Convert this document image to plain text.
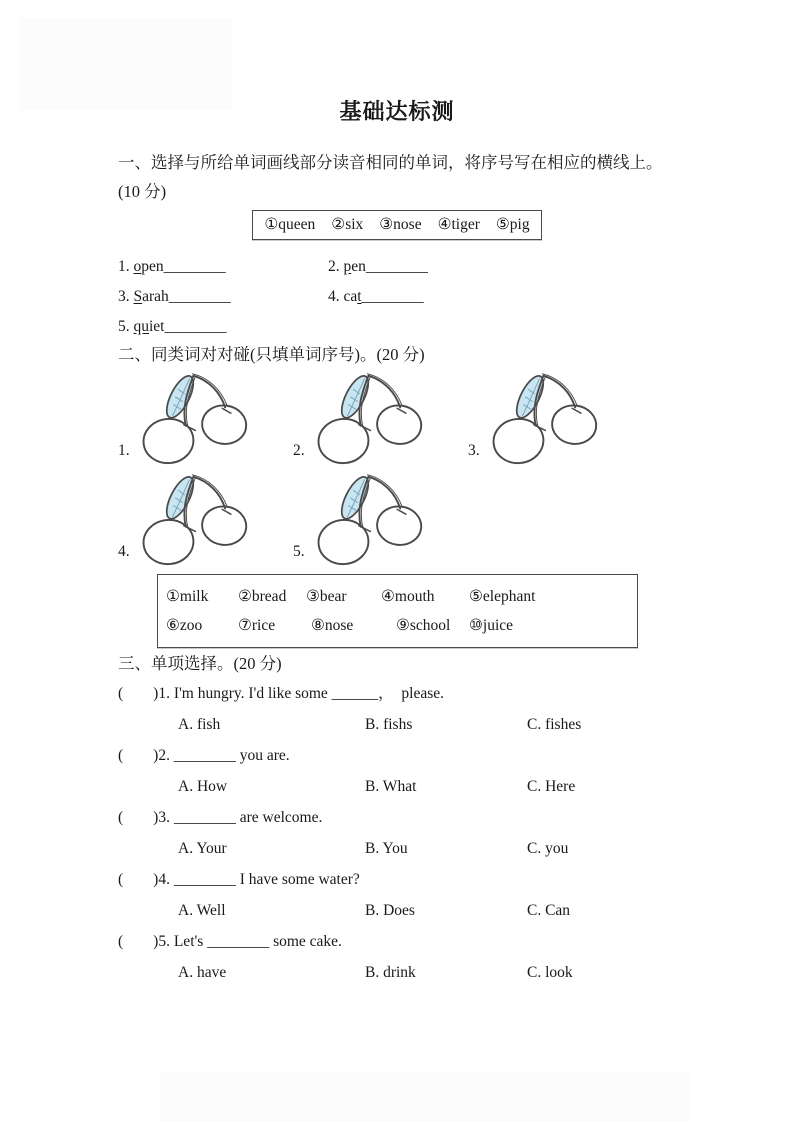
基础达标测

一、选择与所给单词画线部分读音相同的单词，将序号写在相应的横线上。(10 分)

①queen ②six ③nose ④tiger ⑤pig
1. open________	2. pen________
3. Sarah________	4. cat________
5. quiet________

二、同类词对对碰(只填单词序号)。(20 分)

1.	2.	3.
4.	5.
①milk	②bread	③bear	④mouth	⑤elephant
⑥zoo	⑦rice	⑧nose	⑨school	⑩juice

三、单项选择。(20 分)

( ) 1. I'm hungry. I'd like some ______，  please.
A. fish	B. fishs	C. fishes
( ) 2. ________ you are.
A. How	B. What	C. Here
( ) 3. ________ are welcome.
A. Your	B. You	C. you
( ) 4. ________ I have some water?
A. Well	B. Does	C. Can
( ) 5. Let's ________ some cake.
A. have	B. drink	C. look
